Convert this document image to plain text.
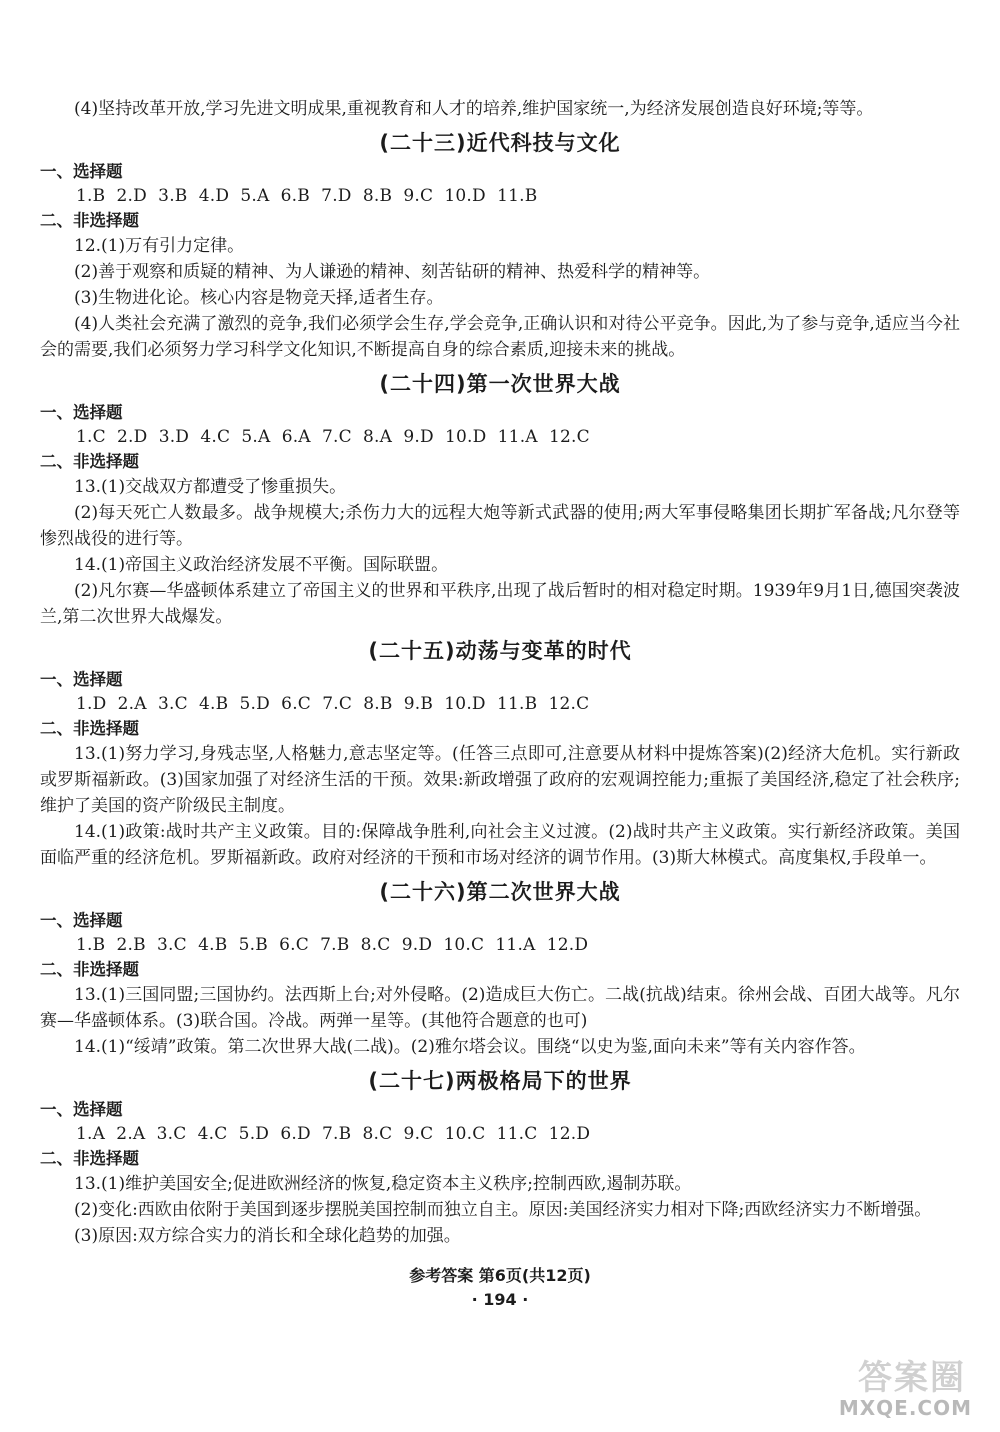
(4)坚持改革开放,学习先进文明成果,重视教育和人才的培养,维护国家统一,为经济发展创造良好环境;等等。

(二十三)近代科技与文化

一、选择题

1.B  2.D  3.B  4.D  5.A  6.B  7.D  8.B  9.C  10.D  11.B

二、非选择题

12.(1)万有引力定律。

(2)善于观察和质疑的精神、为人谦逊的精神、刻苦钻研的精神、热爱科学的精神等。

(3)生物进化论。核心内容是物竞天择,适者生存。

(4)人类社会充满了激烈的竞争,我们必须学会生存,学会竞争,正确认识和对待公平竞争。因此,为了参与竞争,适应当今社会的需要,我们必须努力学习科学文化知识,不断提高自身的综合素质,迎接未来的挑战。

(二十四)第一次世界大战

一、选择题

1.C  2.D  3.D  4.C  5.A  6.A  7.C  8.A  9.D  10.D  11.A  12.C

二、非选择题

13.(1)交战双方都遭受了惨重损失。

(2)每天死亡人数最多。战争规模大;杀伤力大的远程大炮等新式武器的使用;两大军事侵略集团长期扩军备战;凡尔登等惨烈战役的进行等。

14.(1)帝国主义政治经济发展不平衡。国际联盟。

(2)凡尔赛—华盛顿体系建立了帝国主义的世界和平秩序,出现了战后暂时的相对稳定时期。1939年9月1日,德国突袭波兰,第二次世界大战爆发。

(二十五)动荡与变革的时代

一、选择题

1.D  2.A  3.C  4.B  5.D  6.C  7.C  8.B  9.B  10.D  11.B  12.C

二、非选择题

13.(1)努力学习,身残志坚,人格魅力,意志坚定等。(任答三点即可,注意要从材料中提炼答案)(2)经济大危机。实行新政或罗斯福新政。(3)国家加强了对经济生活的干预。效果:新政增强了政府的宏观调控能力;重振了美国经济,稳定了社会秩序;维护了美国的资产阶级民主制度。

14.(1)政策:战时共产主义政策。目的:保障战争胜利,向社会主义过渡。(2)战时共产主义政策。实行新经济政策。美国面临严重的经济危机。罗斯福新政。政府对经济的干预和市场对经济的调节作用。(3)斯大林模式。高度集权,手段单一。

(二十六)第二次世界大战

一、选择题

1.B  2.B  3.C  4.B  5.B  6.C  7.B  8.C  9.D  10.C  11.A  12.D

二、非选择题

13.(1)三国同盟;三国协约。法西斯上台;对外侵略。(2)造成巨大伤亡。二战(抗战)结束。徐州会战、百团大战等。凡尔赛—华盛顿体系。(3)联合国。冷战。两弹一星等。(其他符合题意的也可)

14.(1)“绥靖”政策。第二次世界大战(二战)。(2)雅尔塔会议。围绕“以史为鉴,面向未来”等有关内容作答。

(二十七)两极格局下的世界

一、选择题

1.A  2.A  3.C  4.C  5.D  6.D  7.B  8.C  9.C  10.C  11.C  12.D

二、非选择题

13.(1)维护美国安全;促进欧洲经济的恢复,稳定资本主义秩序;控制西欧,遏制苏联。

(2)变化:西欧由依附于美国到逐步摆脱美国控制而独立自主。原因:美国经济实力相对下降;西欧经济实力不断增强。

(3)原因:双方综合实力的消长和全球化趋势的加强。

参考答案 第6页(共12页)
· 194 ·
答案圈
MXQE.COM
